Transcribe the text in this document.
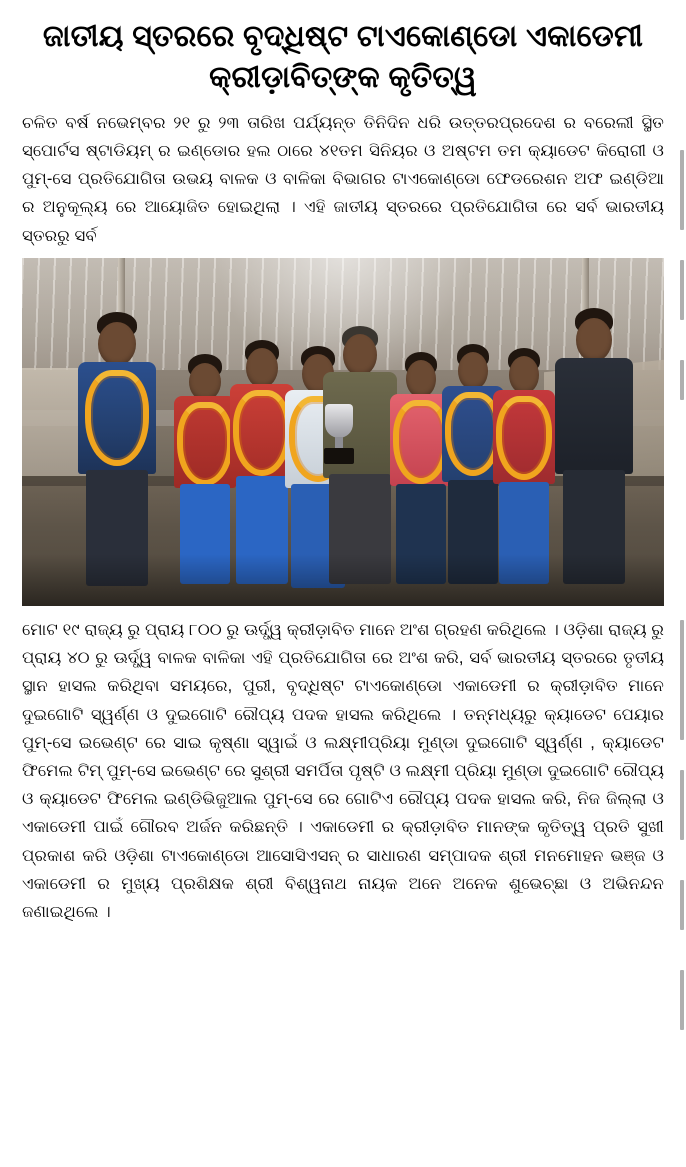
ଜାତୀୟ ସ୍ତରରେ ବୃଦ୍ଧିଷ୍ଟ ଟାଏକୋଣ୍ଡୋ ଏକାଡେମୀ କ୍ରୀଡ଼ାବିତ୍‌ଙ୍କ କୃତିତ୍ୱ

ଚଳିତ ବର୍ଷ ନଭେମ୍ବର ୨୧ ରୁ ୨୩ ତାରିଖ ପର୍ଯ୍ୟନ୍ତ ତିନିଦିନ ଧରି ଉତ୍ତରପ୍ରଦେଶ ର ବରେଲୀ ସ୍ଥିତ ସ୍ପୋର୍ଟସ ଷ୍ଟାଡିୟମ୍ ର ଇଣ୍ଡୋର ହଲ ଠାରେ ୪୧ତମ ସିନିୟର ଓ ଅଷ୍ଟମ ତମ କ୍ୟାଡେଟ କିରୋଗୀ ଓ ପୁମ୍‌-ସେ ପ୍ରତିଯୋଗିତା ଉଭୟ ବାଳକ ଓ ବାଳିକା ବିଭାଗର ଟାଏକୋଣ୍ଡୋ ଫେଡରେଶନ ଅଫ ଇଣ୍ଡିଆ ର ଅନୁକୂଲ୍ୟ ରେ ଆୟୋଜିତ ହୋଇଥିଲା । ଏହି ଜାତୀୟ ସ୍ତରରେ ପ୍ରତିଯୋଗିତା ରେ ସର୍ବ ଭାରତୀୟ ସ୍ତରରୁ ସର୍ବ

ମୋଟ ୧୯ ରାଜ୍ୟ ରୁ ପ୍ରାୟ ୮୦୦ ରୁ ଊର୍ଦ୍ଧ୍ୱ କ୍ରୀଡ଼ାବିତ ମାନେ ଅଂଶ ଗ୍ରହଣ କରିଥିଲେ । ଓଡ଼ିଶା ରାଜ୍ୟ ରୁ ପ୍ରାୟ ୪୦ ରୁ ଊର୍ଦ୍ଧ୍ୱ ବାଳକ ବାଳିକା ଏହି ପ୍ରତିଯୋଗିତା ରେ ଅଂଶ କରି, ସର୍ବ ଭାରତୀୟ ସ୍ତରରେ ତୃତୀୟ ସ୍ଥାନ ହାସଲ କରିଥିବା ସମୟରେ, ପୁରୀ, ବୃଦ୍ଧିଷ୍ଟ ଟାଏକୋଣ୍ଡୋ ଏକାଡେମୀ ର କ୍ରୀଡ଼ାବିତ ମାନେ ଦୁଇଗୋଟି ସ୍ୱର୍ଣ୍ଣ ଓ ଦୁଇଗୋଟି ରୌପ୍ୟ ପଦକ ହାସଲ କରିଥିଲେ । ତନ୍ମଧ୍ୟରୁ କ୍ୟାଡେଟ ପେୟାର ପୁମ୍‌-ସେ ଇଭେଣ୍ଟ ରେ ସାଇ କୃଷ୍ଣା ସ୍ୱାଇଁ ଓ ଲକ୍ଷ୍ମୀପ୍ରିୟା ମୁଣ୍ଡା ଦୁଇଗୋଟି ସ୍ୱର୍ଣ୍ଣ , କ୍ୟାଡେଟ ଫିମେଲ ଟିମ୍ ପୁମ୍‌-ସେ ଇଭେଣ୍ଟ ରେ ସୁଶ୍ରୀ ସମର୍ପିତା ପୃଷ୍ଟି ଓ ଲକ୍ଷ୍ମୀ ପ୍ରିୟା ମୁଣ୍ଡା ଦୁଇଗୋଟି ରୌପ୍ୟ ଓ କ୍ୟାଡେଟ ଫିମେଲ ଇଣ୍ଡିଭିଜୁଆଲ ପୁମ୍‌-ସେ ରେ ଗୋଟିଏ ରୌପ୍ୟ ପଦକ ହାସଲ କରି, ନିଜ ଜିଲ୍ଲା ଓ ଏକାଡେମୀ ପାଇଁ ଗୌରବ ଅର୍ଜନ କରିଛନ୍ତି । ଏକାଡେମୀ ର କ୍ରୀଡ଼ାବିତ ମାନଙ୍କ କୃତିତ୍ୱ ପ୍ରତି ସୁଖୀ ପ୍ରକାଶ କରି ଓଡ଼ିଶା ଟାଏକୋଣ୍ଡୋ ଆସୋସିଏସନ୍ ର ସାଧାରଣ ସମ୍ପାଦକ ଶ୍ରୀ ମନମୋହନ ଭଞ୍ଜ ଓ ଏକାଡେମୀ ର ମୁଖ୍ୟ ପ୍ରଶିକ୍ଷକ ଶ୍ରୀ ବିଶ୍ୱନାଥ ନାୟକ ଅନେ ଅନେକ ଶୁଭେଚ୍ଛା ଓ ଅଭିନନ୍ଦନ ଜଣାଇଥିଲେ ।
